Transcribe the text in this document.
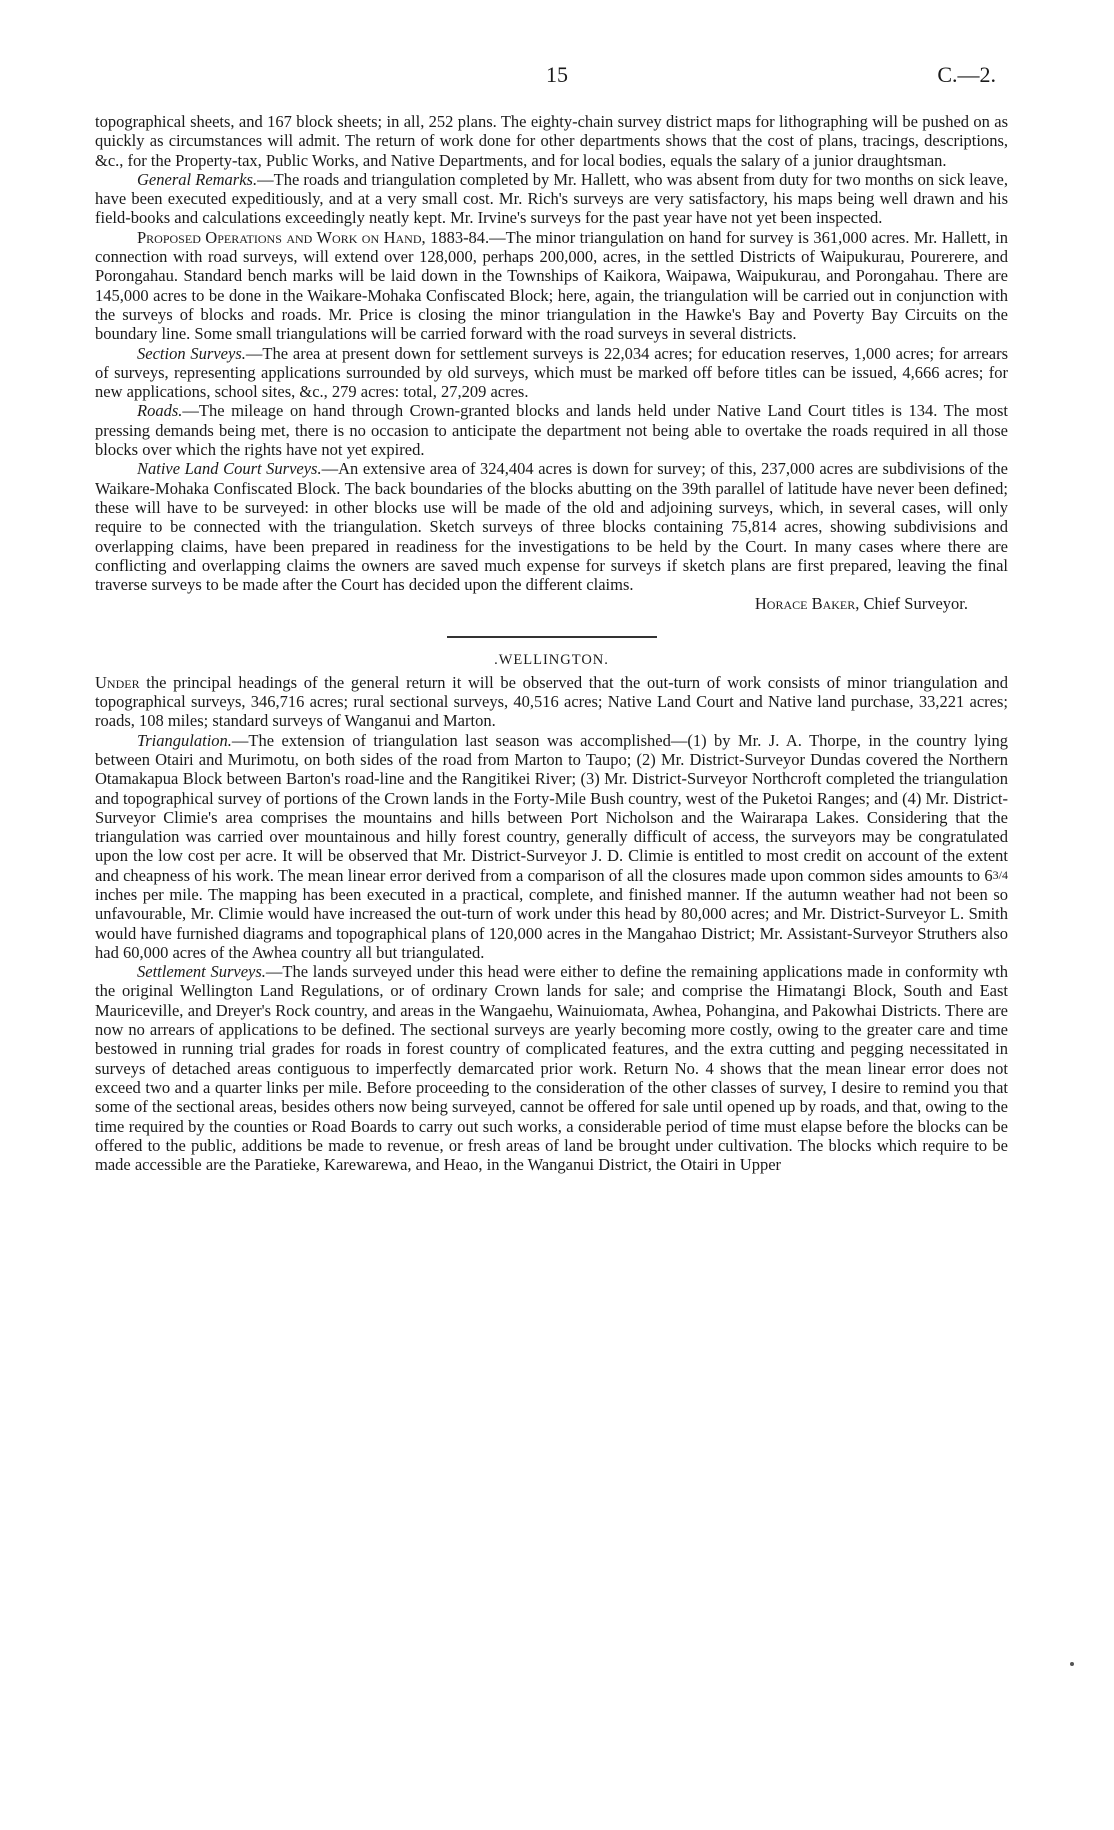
15	C.—2.

topographical sheets, and 167 block sheets; in all, 252 plans. The eighty-chain survey district maps for lithographing will be pushed on as quickly as circumstances will admit. The return of work done for other departments shows that the cost of plans, tracings, descriptions, &c., for the Property-tax, Public Works, and Native Departments, and for local bodies, equals the salary of a junior draughtsman.

General Remarks.—The roads and triangulation completed by Mr. Hallett, who was absent from duty for two months on sick leave, have been executed expeditiously, and at a very small cost. Mr. Rich's surveys are very satisfactory, his maps being well drawn and his field-books and calculations exceedingly neatly kept. Mr. Irvine's surveys for the past year have not yet been inspected.

Proposed Operations and Work on Hand, 1883-84.—The minor triangulation on hand for survey is 361,000 acres. Mr. Hallett, in connection with road surveys, will extend over 128,000, perhaps 200,000, acres, in the settled Districts of Waipukurau, Pourerere, and Porongahau. Standard bench marks will be laid down in the Townships of Kaikora, Waipawa, Waipukurau, and Porongahau. There are 145,000 acres to be done in the Waikare-Mohaka Confiscated Block; here, again, the triangulation will be carried out in conjunction with the surveys of blocks and roads. Mr. Price is closing the minor triangulation in the Hawke's Bay and Poverty Bay Circuits on the boundary line. Some small triangulations will be carried forward with the road surveys in several districts.

Section Surveys.—The area at present down for settlement surveys is 22,034 acres; for education reserves, 1,000 acres; for arrears of surveys, representing applications surrounded by old surveys, which must be marked off before titles can be issued, 4,666 acres; for new applications, school sites, &c., 279 acres: total, 27,209 acres.

Roads.—The mileage on hand through Crown-granted blocks and lands held under Native Land Court titles is 134. The most pressing demands being met, there is no occasion to anticipate the department not being able to overtake the roads required in all those blocks over which the rights have not yet expired.

Native Land Court Surveys.—An extensive area of 324,404 acres is down for survey; of this, 237,000 acres are subdivisions of the Waikare-Mohaka Confiscated Block. The back boundaries of the blocks abutting on the 39th parallel of latitude have never been defined; these will have to be surveyed: in other blocks use will be made of the old and adjoining surveys, which, in several cases, will only require to be connected with the triangulation. Sketch surveys of three blocks containing 75,814 acres, showing subdivisions and overlapping claims, have been prepared in readiness for the investigations to be held by the Court. In many cases where there are conflicting and overlapping claims the owners are saved much expense for surveys if sketch plans are first prepared, leaving the final traverse surveys to be made after the Court has decided upon the different claims.

Horace Baker, Chief Surveyor.

.WELLINGTON.

Under the principal headings of the general return it will be observed that the out-turn of work consists of minor triangulation and topographical surveys, 346,716 acres; rural sectional surveys, 40,516 acres; Native Land Court and Native land purchase, 33,221 acres; roads, 108 miles; standard surveys of Wanganui and Marton.

Triangulation.—The extension of triangulation last season was accomplished—(1) by Mr. J. A. Thorpe, in the country lying between Otairi and Murimotu, on both sides of the road from Marton to Taupo; (2) Mr. District-Surveyor Dundas covered the Northern Otamakapua Block between Barton's road-line and the Rangitikei River; (3) Mr. District-Surveyor Northcroft completed the triangulation and topographical survey of portions of the Crown lands in the Forty-Mile Bush country, west of the Puketoi Ranges; and (4) Mr. District-Surveyor Climie's area comprises the mountains and hills between Port Nicholson and the Wairarapa Lakes. Considering that the triangulation was carried over mountainous and hilly forest country, generally difficult of access, the surveyors may be congratulated upon the low cost per acre. It will be observed that Mr. District-Surveyor J. D. Climie is entitled to most credit on account of the extent and cheapness of his work. The mean linear error derived from a comparison of all the closures made upon common sides amounts to 63/4 inches per mile. The mapping has been executed in a practical, complete, and finished manner. If the autumn weather had not been so unfavourable, Mr. Climie would have increased the out-turn of work under this head by 80,000 acres; and Mr. District-Surveyor L. Smith would have furnished diagrams and topographical plans of 120,000 acres in the Mangahao District; Mr. Assistant-Surveyor Struthers also had 60,000 acres of the Awhea country all but triangulated.

Settlement Surveys.—The lands surveyed under this head were either to define the remaining applications made in conformity wth the original Wellington Land Regulations, or of ordinary Crown lands for sale; and comprise the Himatangi Block, South and East Mauriceville, and Dreyer's Rock country, and areas in the Wangaehu, Wainuiomata, Awhea, Pohangina, and Pakowhai Districts. There are now no arrears of applications to be defined. The sectional surveys are yearly becoming more costly, owing to the greater care and time bestowed in running trial grades for roads in forest country of complicated features, and the extra cutting and pegging necessitated in surveys of detached areas contiguous to imperfectly demarcated prior work. Return No. 4 shows that the mean linear error does not exceed two and a quarter links per mile. Before proceeding to the consideration of the other classes of survey, I desire to remind you that some of the sectional areas, besides others now being surveyed, cannot be offered for sale until opened up by roads, and that, owing to the time required by the counties or Road Boards to carry out such works, a considerable period of time must elapse before the blocks can be offered to the public, additions be made to revenue, or fresh areas of land be brought under cultivation. The blocks which require to be made accessible are the Paratieke, Karewarewa, and Heao, in the Wanganui District, the Otairi in Upper
